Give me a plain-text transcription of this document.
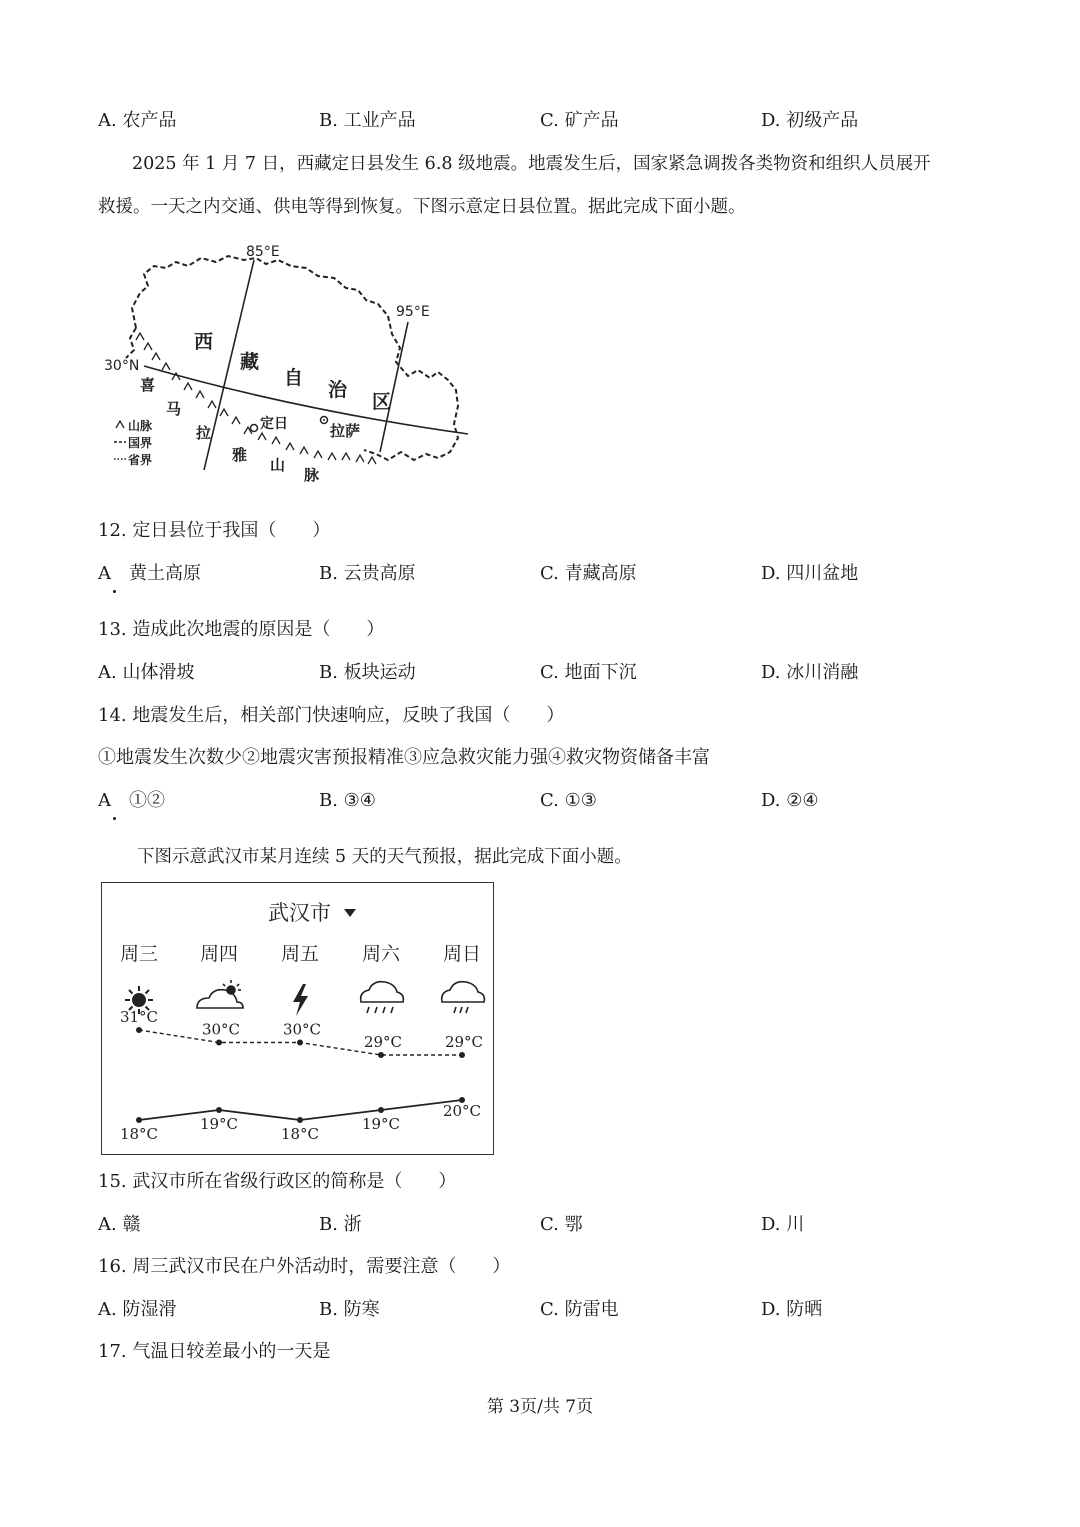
A. 农产品	B. 工业产品	C. 矿产品	D. 初级产品
2025 年 1 月 7 日，西藏定日县发生 6.8 级地震。地震发生后，国家紧急调拨各类物资和组织人员展开
救援。一天之内交通、供电等得到恢复。下图示意定日县位置。据此完成下面小题。
85°E
95°E
30°N
西
藏
自
治
区
喜
马
拉
雅
山
脉
定日	拉萨
山脉
国界
省界
12. 定日县位于我国（　　）
A　黄土高原	B. 云贵高原	C. 青藏高原	D. 四川盆地
13. 造成此次地震的原因是（　　）
A. 山体滑坡	B. 板块运动	C. 地面下沉	D. 冰川消融
14. 地震发生后，相关部门快速响应，反映了我国（　　）
①地震发生次数少②地震灾害预报精准③应急救灾能力强④救灾物资储备丰富
A　①②	B. ③④	C. ①③	D. ②④
下图示意武汉市某月连续 5 天的天气预报，据此完成下面小题。
武汉市
周三 周四 周五 周六 周日
31°C
30°C	30°C
29°C	29°C
18°C
19°C
18°C
19°C
20°C
15. 武汉市所在省级行政区的简称是（　　）
A. 赣	B. 浙	C. 鄂	D. 川
16. 周三武汉市民在户外活动时，需要注意（　　）
A. 防湿滑	B. 防寒	C. 防雷电	D. 防晒
17. 气温日较差最小的一天是
第 3页/共 7页
